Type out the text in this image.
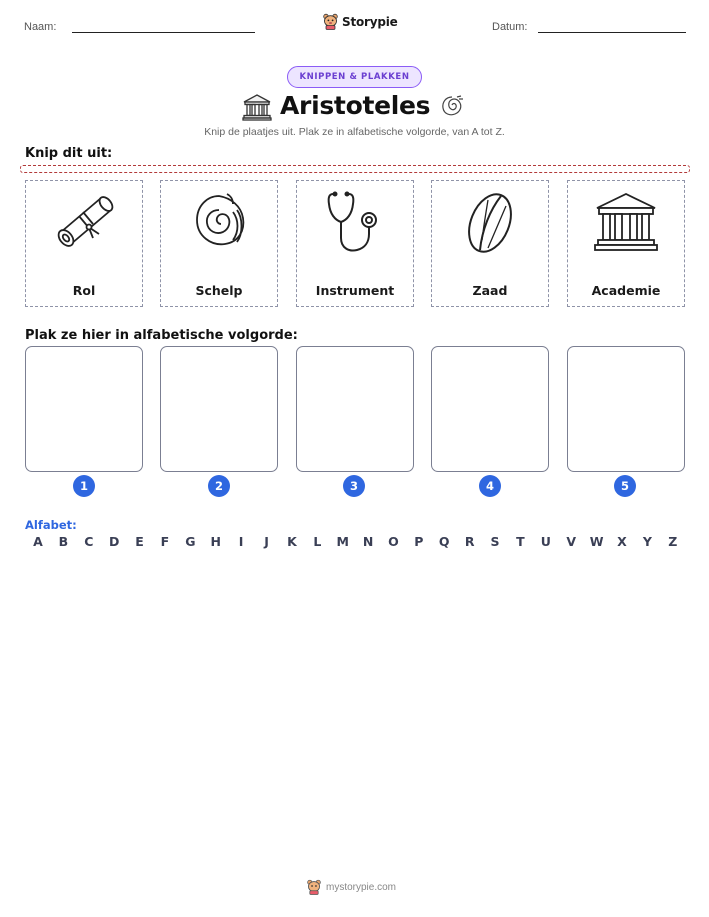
Naam:	Storypie	Datum:
KNIPPEN & PLAKKEN
Aristoteles
Knip de plaatjes uit. Plak ze in alfabetische volgorde, van A tot Z.
Knip dit uit:
Rol	Schelp	Instrument	Zaad	Academie
Plak ze hier in alfabetische volgorde:
1	2	3	4	5
Alfabet:
A B C D E F G H	I	J	K L M N O P Q R S T U V W X Y Z
mystorypie.com
